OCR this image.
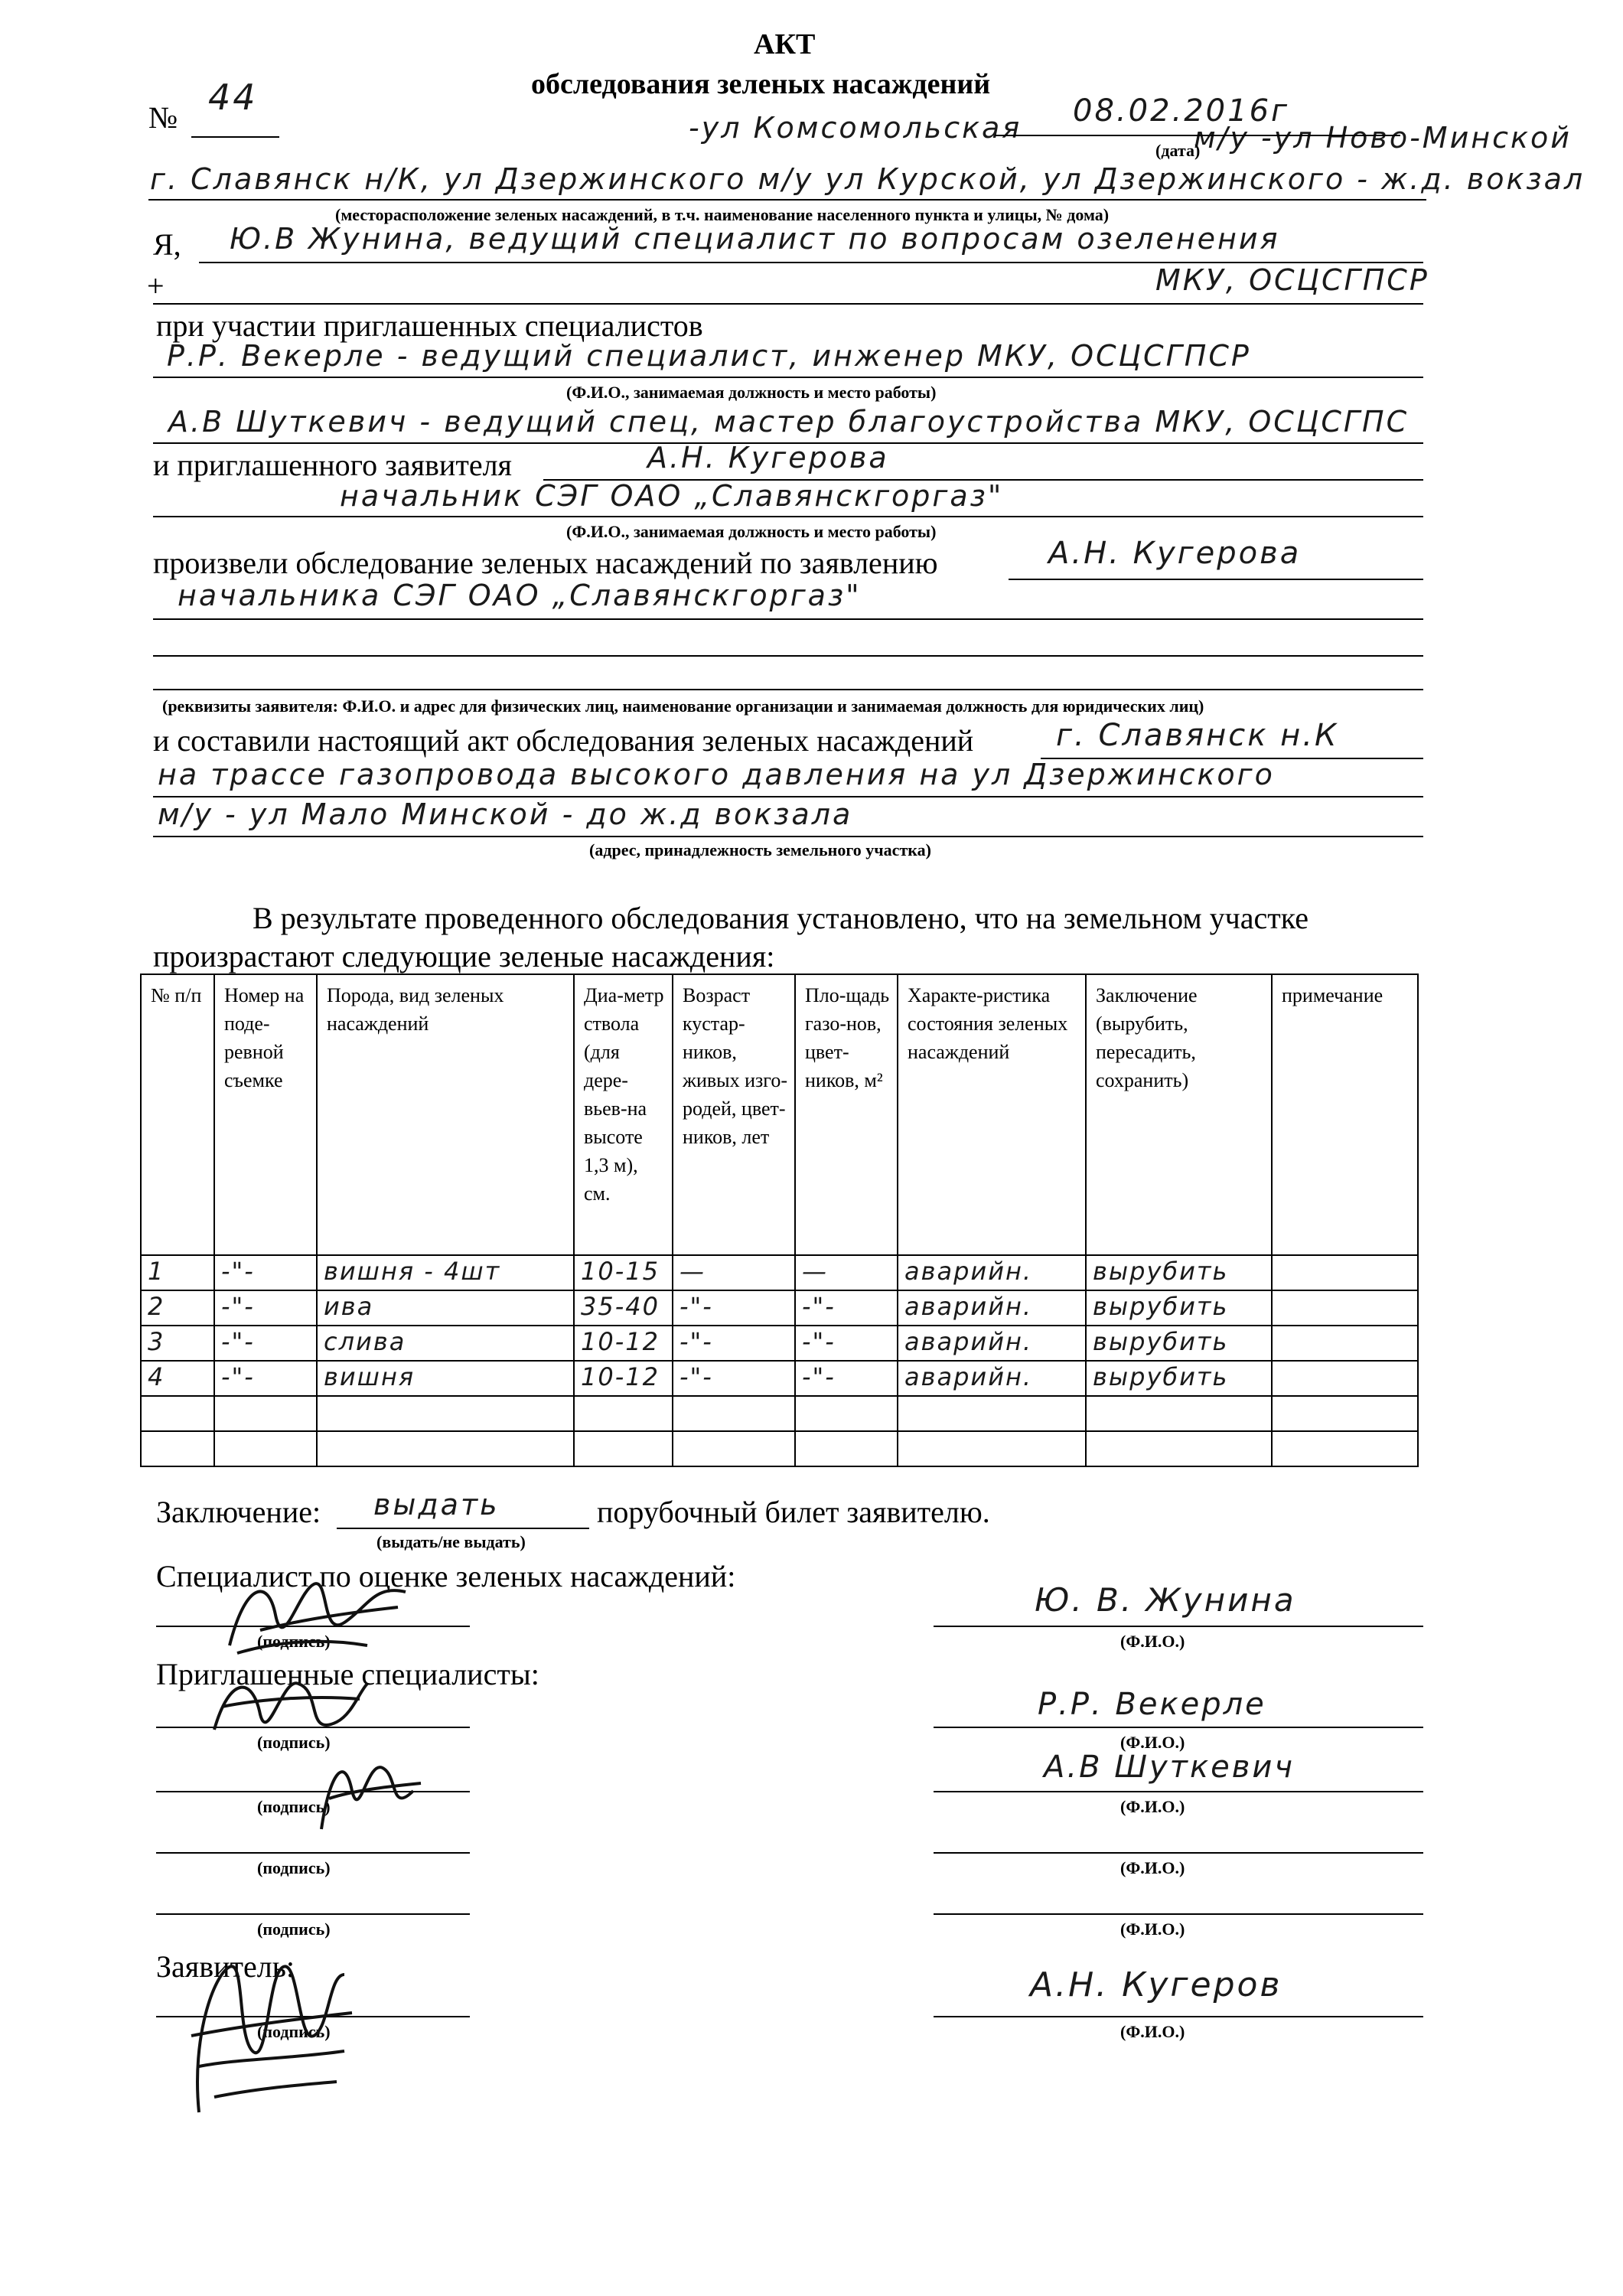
АКТ
обследования зеленых насаждений
№ 44
-ул Комсомольская	м/у -ул Ново-Минской
08.02.2016г
(дата)
г. Славянск н/К, ул Дзержинского м/у ул Курской, ул Дзержинского - ж.д. вокзал
(месторасположение зеленых насаждений, в т.ч. наименование населенного пункта и улицы, № дома)
Я, Ю.В Жунина, ведущий специалист по вопросам озеленения
+	МКУ, ОСЦСГПСР
при участии приглашенных специалистов
Р.Р. Векерле - ведущий специалист, инженер МКУ, ОСЦСГПСР
(Ф.И.О., занимаемая должность и место работы)
А.В Шуткевич - ведущий спец, мастер благоустройства МКУ, ОСЦСГПС
и приглашенного заявителя	А.Н. Кугерова
начальник СЭГ ОАО „Славянскгоргаз"
(Ф.И.О., занимаемая должность и место работы)
произвели обследование зеленых насаждений по заявлению	А.Н. Кугерова
начальника СЭГ ОАО „Славянскгоргаз"
(реквизиты заявителя: Ф.И.О. и адрес для физических лиц, наименование организации и занимаемая должность для юридических лиц)
и составили настоящий акт обследования зеленых насаждений	г. Славянск н.К
на трассе газопровода высокого давления на ул Дзержинского
м/у - ул Мало Минской - до ж.д вокзала
(адрес, принадлежность земельного участка)
В результате проведенного обследования установлено, что на земельном участке
произрастают следующие зеленые насаждения:
№ п/п	Номер на поде-ревной съемке	Порода, вид зеленых насаждений	Диа-метр ствола (для дере-вьев-на высоте 1,3 м), см.	Возраст кустар-ников, живых изго-родей, цвет-ников, лет	Пло-щадь газо-нов, цвет-ников, м²	Характе-ристика состояния зеленых насаждений	Заключение (вырубить, пересадить, сохранить)	примечание

1	-"-	вишня - 4шт	10-15	—	—	аварийн.	вырубить	

2	-"-	ива	35-40	-"-	-"-	аварийн.	вырубить	

3	-"-	слива	10-12	-"-	-"-	аварийн.	вырубить	

4	-"-	вишня	10-12	-"-	-"-	аварийн.	вырубить	

Заключение: выдать	порубочный билет заявителю.
(выдать/не выдать)
Специалист по оценке зеленых насаждений:
(подпись)
Ю. В. Жунина
(Ф.И.О.)
Приглашенные специалисты:
(подпись)
Р.Р. Векерле
(Ф.И.О.)
(подпись)
А.В Шуткевич
(Ф.И.О.)
(подпись)	(Ф.И.О.)
(подпись)	(Ф.И.О.)
Заявитель:
(подпись)
А.Н. Кугеров
(Ф.И.О.)
